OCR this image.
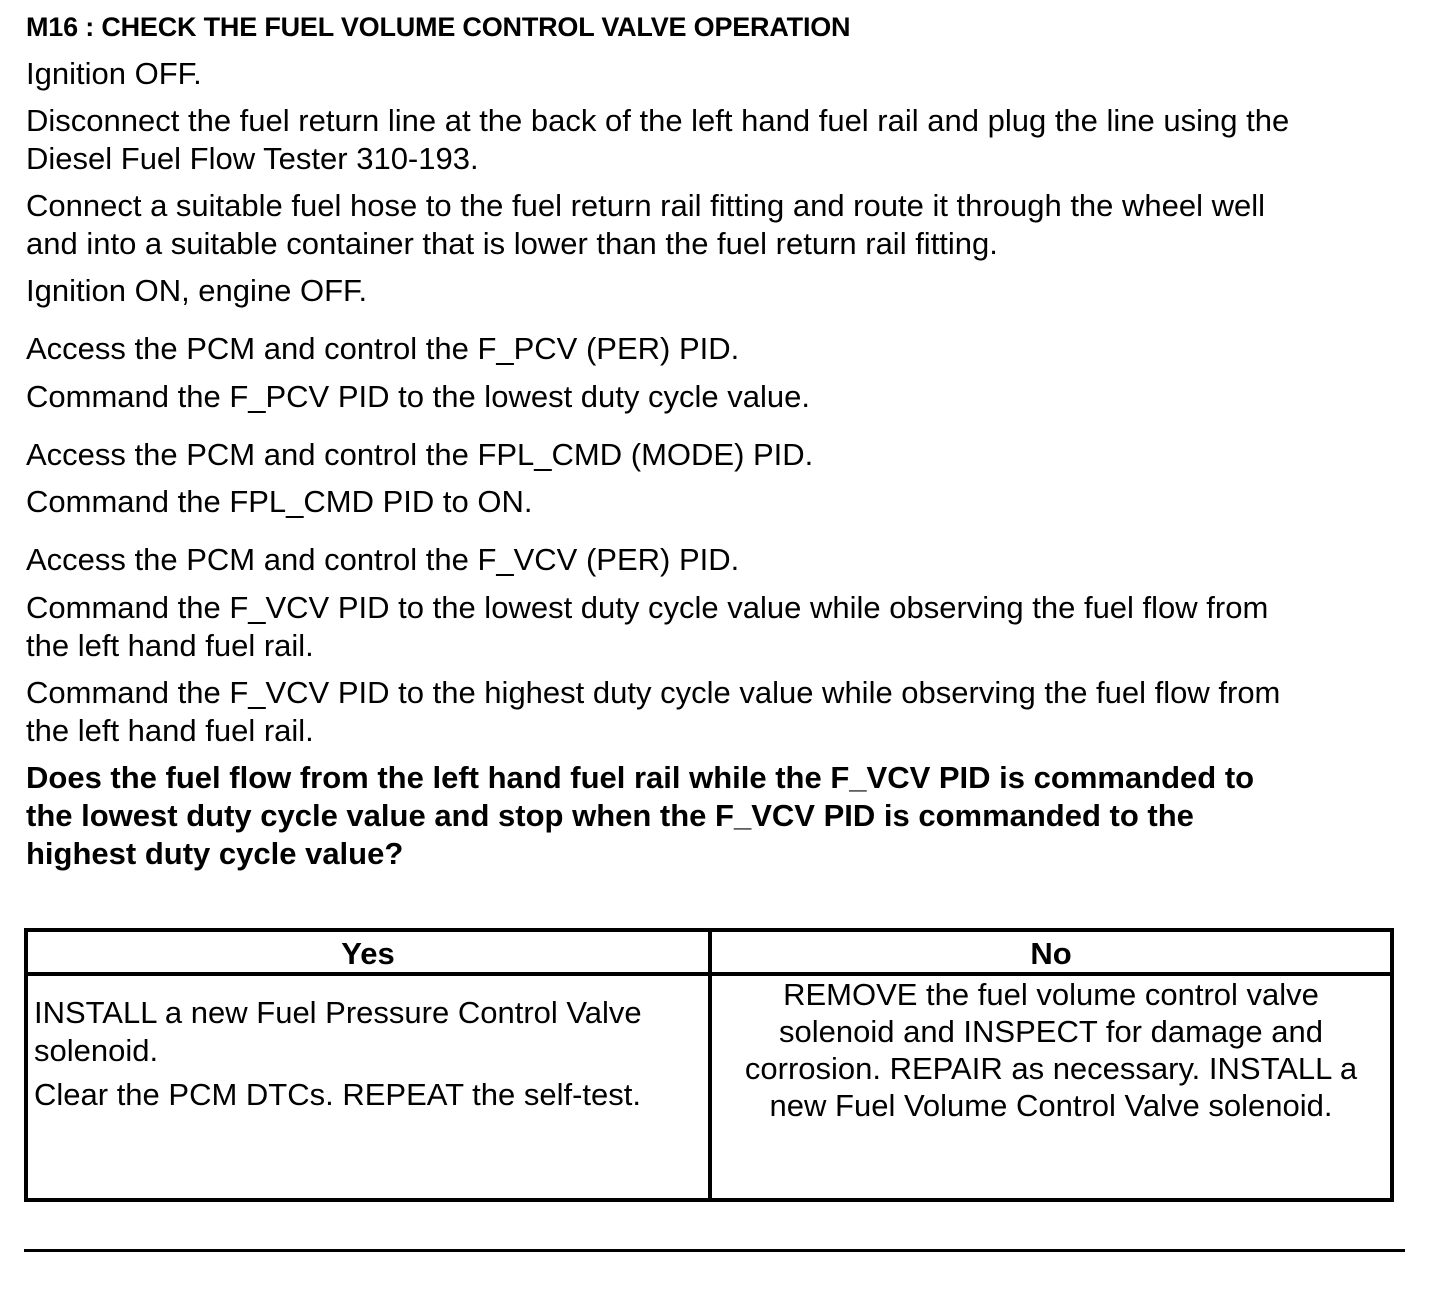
M16 : CHECK THE FUEL VOLUME CONTROL VALVE OPERATION
Ignition OFF.
Disconnect the fuel return line at the back of the left hand fuel rail and plug the line using the
Diesel Fuel Flow Tester 310-193.
Connect a suitable fuel hose to the fuel return rail fitting and route it through the wheel well
and into a suitable container that is lower than the fuel return rail fitting.
Ignition ON, engine OFF.
Access the PCM and control the F_PCV (PER) PID.
Command the F_PCV PID to the lowest duty cycle value.
Access the PCM and control the FPL_CMD (MODE) PID.
Command the FPL_CMD PID to ON.
Access the PCM and control the F_VCV (PER) PID.
Command the F_VCV PID to the lowest duty cycle value while observing the fuel flow from
the left hand fuel rail.
Command the F_VCV PID to the highest duty cycle value while observing the fuel flow from
the left hand fuel rail.
Does the fuel flow from the left hand fuel rail while the F_VCV PID is commanded to
the lowest duty cycle value and stop when the F_VCV PID is commanded to the
highest duty cycle value?
Yes	No
INSTALL a new Fuel Pressure Control Valve

solenoid.

Clear the PCM DTCs. REPEAT the self-test.
REMOVE the fuel volume control valve
solenoid and INSPECT for damage and
corrosion. REPAIR as necessary. INSTALL a
new Fuel Volume Control Valve solenoid.
